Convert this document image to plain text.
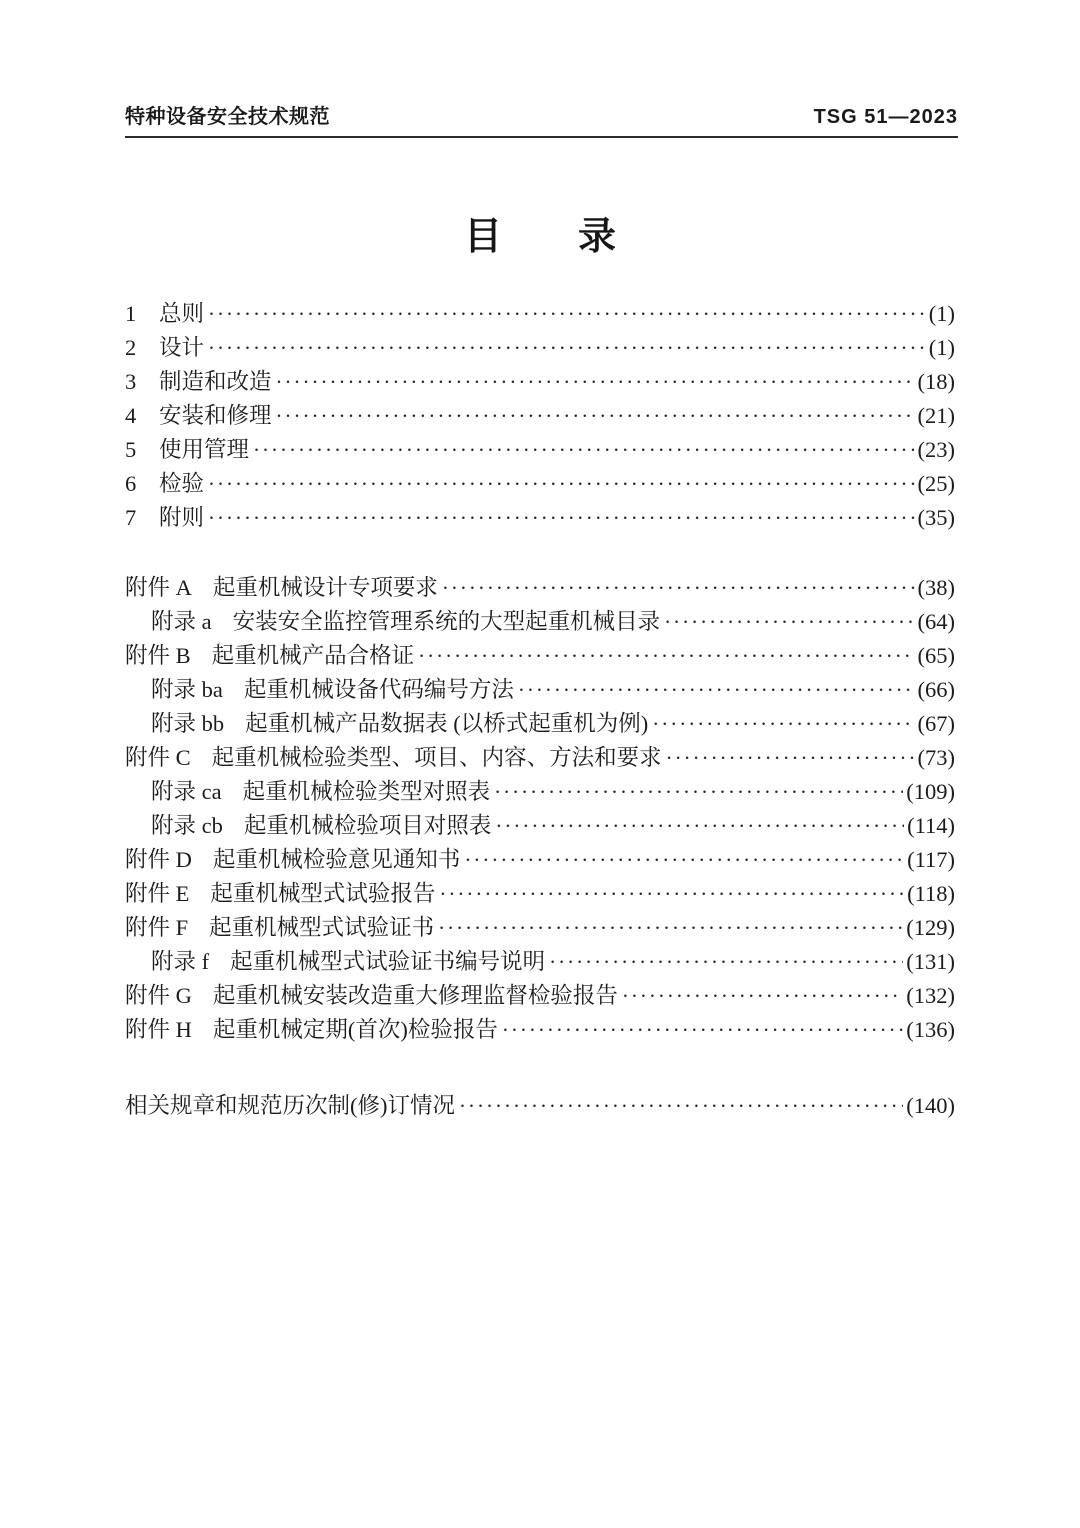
特种设备安全技术规范	TSG 51—2023
目　　录
1	总则 ·····	(1)
2	设计 ·····	(1)
3	制造和改造 ·····	(18)
4	安装和修理 ·····	(21)
5	使用管理 ·····	(23)
6	检验 ·····	(25)
7	附则 ·····	(35)
附件 A 起重机械设计专项要求 ·····	(38)
附录 a 安装安全监控管理系统的大型起重机械目录 ·····	(64)
附件 B 起重机械产品合格证 ·····	(65)
附录 ba 起重机械设备代码编号方法 ·····	(66)
附录 bb 起重机械产品数据表 (以桥式起重机为例) ·····	(67)
附件 C 起重机械检验类型、项目、内容、方法和要求 ·····	(73)
附录 ca 起重机械检验类型对照表 ·····	(109)
附录 cb 起重机械检验项目对照表 ·····	(114)
附件 D 起重机械检验意见通知书 ·····	(117)
附件 E 起重机械型式试验报告 ·····	(118)
附件 F 起重机械型式试验证书 ·····	(129)
附录 f 起重机械型式试验证书编号说明 ·····	(131)
附件 G 起重机械安装改造重大修理监督检验报告 ·····	(132)
附件 H 起重机械定期(首次)检验报告 ·····	(136)
相关规章和规范历次制(修)订情况 ·····	(140)
